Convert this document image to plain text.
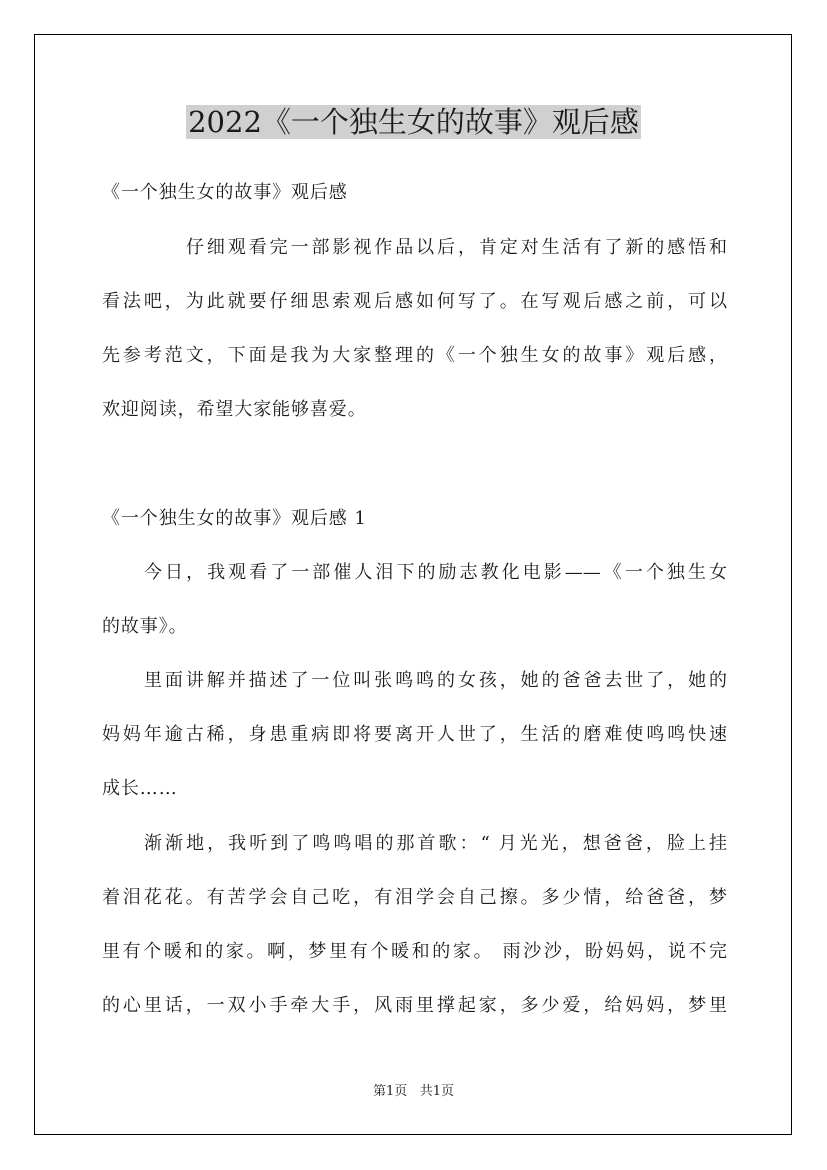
2022《一个独生女的故事》观后感
《一个独生女的故事》观后感
仔细观看完一部影视作品以后，肯定对生活有了新的感悟和
看法吧，为此就要仔细思索观后感如何写了。在写观后感之前，可以
先参考范文，下面是我为大家整理的《一个独生女的故事》观后感，
欢迎阅读，希望大家能够喜爱。
《一个独生女的故事》观后感 1
今日，我观看了一部催人泪下的励志教化电影——《一个独生女
的故事》。
里面讲解并描述了一位叫张鸣鸣的女孩，她的爸爸去世了，她的
妈妈年逾古稀，身患重病即将要离开人世了，生活的磨难使鸣鸣快速
成长……
渐渐地，我听到了鸣鸣唱的那首歌：“ 月光光，想爸爸，脸上挂
着泪花花。有苦学会自己吃，有泪学会自己擦。多少情，给爸爸，梦
里有个暖和的家。啊，梦里有个暖和的家。 雨沙沙，盼妈妈，说不完
的心里话，一双小手牵大手，风雨里撑起家，多少爱，给妈妈，梦里
第1页 共1页
